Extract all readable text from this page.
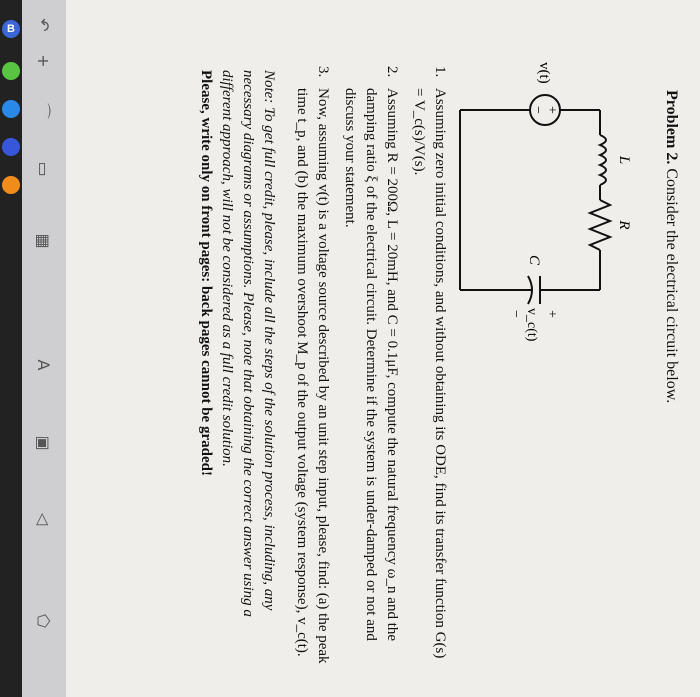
B	↶
+
⌒
▭
▦
A
▣
◁
⬠
Problem 2. Consider the electrical circuit below.
+
−
v(t)
L
R
C
+
− v_c(t)
1.
Assuming zero initial conditions, and without obtaining its ODE, find its transfer function G(s) = V_c(s)/V(s).
2.
Assuming R = 200Ω, L = 20mH, and C = 0.1μF, compute the natural frequency ω_n and the damping ratio ξ of the electrical circuit. Determine if the system is under-damped or not and discuss your statement.
3.
Now, assuming v(t) is a voltage source described by an unit step input, please, find: (a) the peak time t_p, and (b) the maximum overshoot M_p of the output voltage (system response), v_c(t).
Note: To get full credit, please, include all the steps of the solution process, including, any necessary diagrams or assumptions. Please, note that obtaining the correct answer using a different approach, will not be considered as a full credit solution.
Please, write only on front pages: back pages cannot be graded!
